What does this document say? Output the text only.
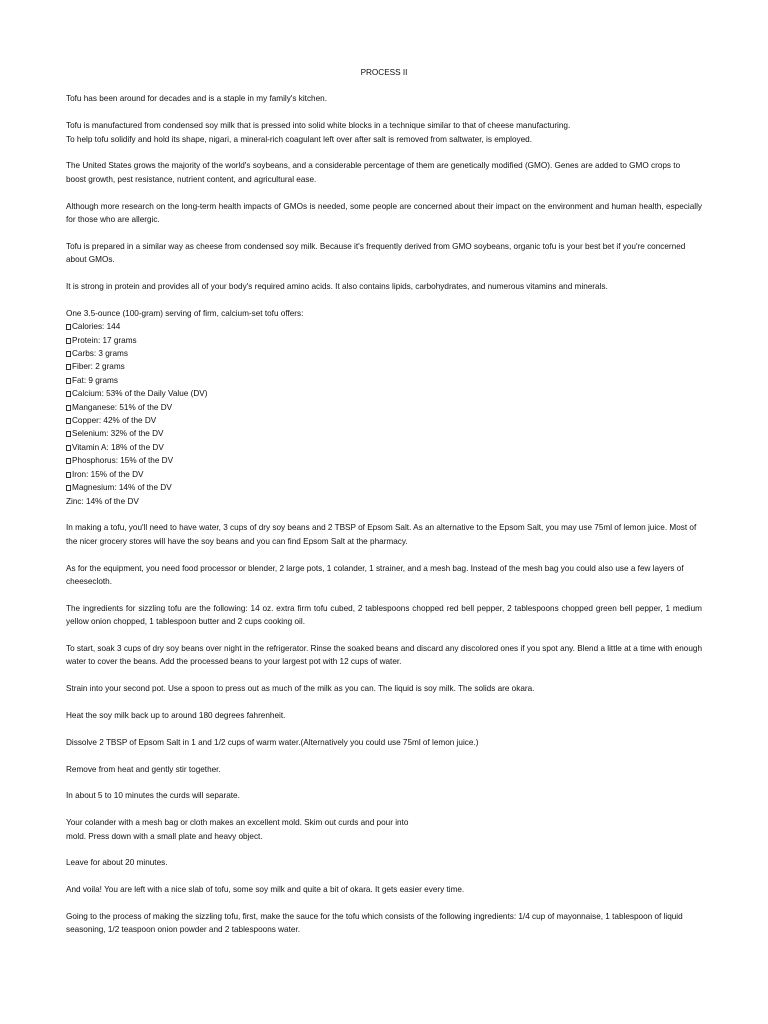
PROCESS II

Tofu has been around for decades and is a staple in my family's kitchen.

Tofu is manufactured from condensed soy milk that is pressed into solid white blocks in a technique similar to that of cheese manufacturing.
To help tofu solidify and hold its shape, nigari, a mineral-rich coagulant left over after salt is removed from saltwater, is employed.

The United States grows the majority of the world's soybeans, and a considerable percentage of them are genetically modified (GMO). Genes are added to GMO crops to boost growth, pest resistance, nutrient content, and agricultural ease.

Although more research on the long-term health impacts of GMOs is needed, some people are concerned about their impact on the environment and human health, especially for those who are allergic.

Tofu is prepared in a similar way as cheese from condensed soy milk. Because it's frequently derived from GMO soybeans, organic tofu is your best bet if you're concerned about GMOs.

It is strong in protein and provides all of your body's required amino acids. It also contains lipids, carbohydrates, and numerous vitamins and minerals.

One 3.5-ounce (100-gram) serving of firm, calcium-set tofu offers:
Calories: 144
Protein: 17 grams
Carbs: 3 grams
Fiber: 2 grams
Fat: 9 grams
Calcium: 53% of the Daily Value (DV)
Manganese: 51% of the DV
Copper: 42% of the DV
Selenium: 32% of the DV
Vitamin A: 18% of the DV
Phosphorus: 15% of the DV
Iron: 15% of the DV
Magnesium: 14% of the DV
Zinc: 14% of the DV

In making a tofu, you'll need to have water, 3 cups of dry soy beans and 2 TBSP of Epsom Salt. As an alternative to the Epsom Salt, you may use 75ml of lemon juice. Most of the nicer grocery stores will have the soy beans and you can find Epsom Salt at the pharmacy.

As for the equipment, you need food processor or blender, 2 large pots, 1 colander, 1 strainer, and a mesh bag. Instead of the mesh bag you could also use a few layers of cheesecloth.

The ingredients for sizzling tofu are the following: 14 oz. extra firm tofu cubed, 2 tablespoons chopped red bell pepper, 2 tablespoons chopped green bell pepper, 1 medium yellow onion chopped, 1 tablespoon butter and 2 cups cooking oil.

To start, soak 3 cups of dry soy beans over night in the refrigerator. Rinse the soaked beans and discard any discolored ones if you spot any. Blend a little at a time with enough water to cover the beans. Add the processed beans to your largest pot with 12 cups of water.

Strain into your second pot. Use a spoon to press out as much of the milk as you can. The liquid is soy milk. The solids are okara.

Heat the soy milk back up to around 180 degrees fahrenheit.

Dissolve 2 TBSP of Epsom Salt in 1 and 1/2 cups of warm water.(Alternatively you could use 75ml of lemon juice.)

Remove from heat and gently stir together.

In about 5 to 10 minutes the curds will separate.

Your colander with a mesh bag or cloth makes an excellent mold. Skim out curds and pour into
mold. Press down with a small plate and heavy object.

Leave for about 20 minutes.

And voila! You are left with a nice slab of tofu, some soy milk and quite a bit of okara. It gets easier every time.

Going to the process of making the sizzling tofu, first, make the sauce for the tofu which consists of the following ingredients: 1/4 cup of mayonnaise, 1 tablespoon of liquid seasoning, 1/2 teaspoon onion powder and 2 tablespoons water.
